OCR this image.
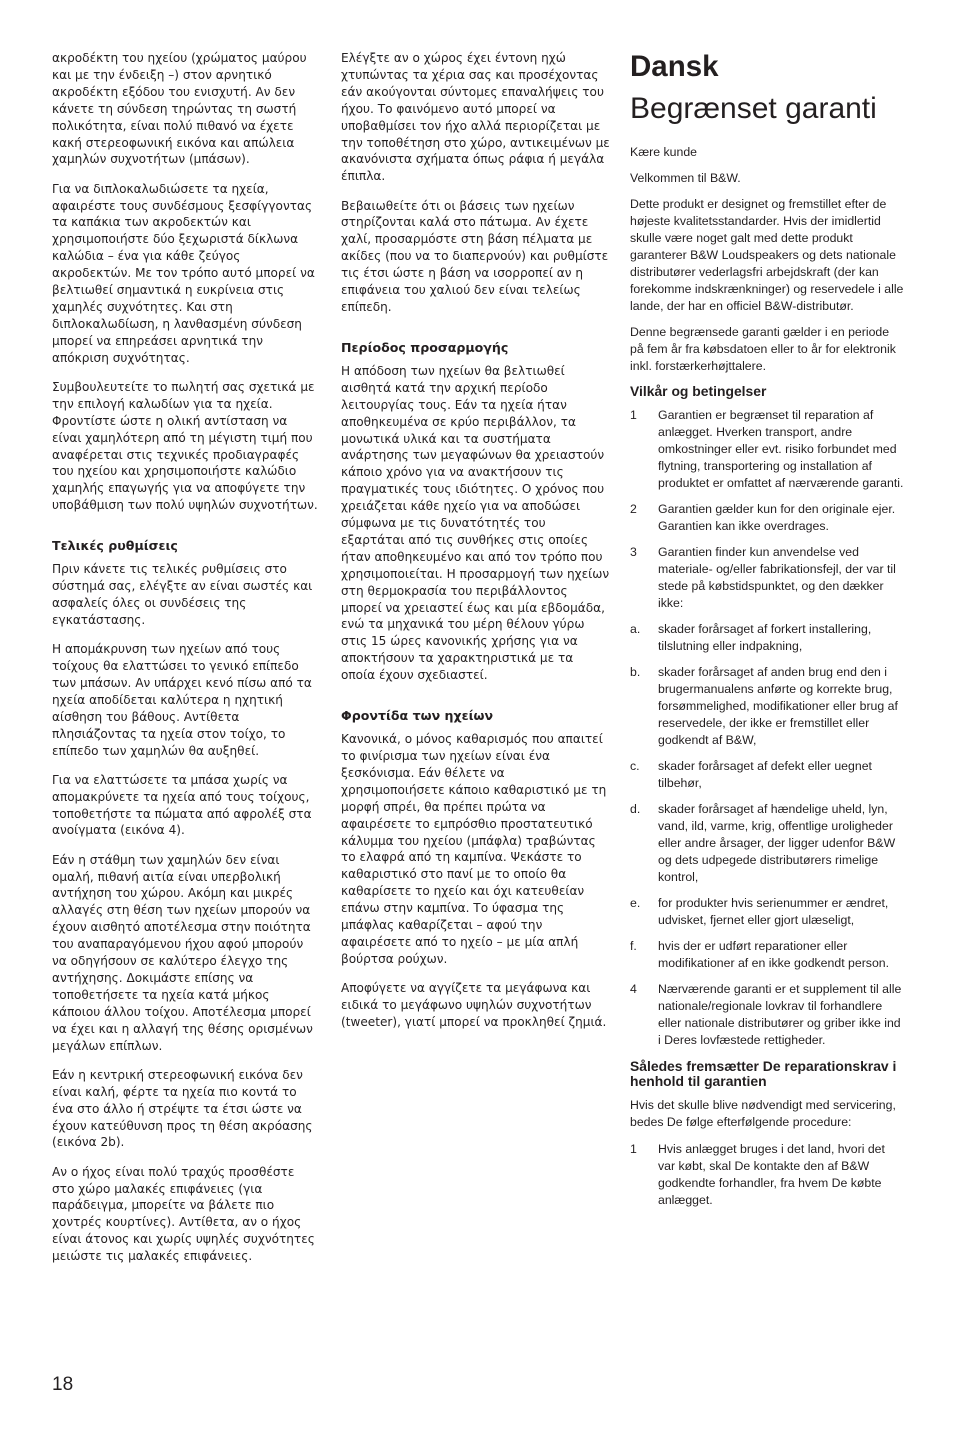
ακροδέκτη του ηχείου (χρώματος μαύρου και με την ένδειξη –) στον αρνητικό ακροδέκτη εξόδου του ενισχυτή. Αν δεν κάνετε τη σύνδεση τηρώντας τη σωστή πολικότητα, είναι πολύ πιθανό να έχετε κακή στερεοφωνική εικόνα και απώλεια χαμηλών συχνοτήτων (μπάσων).

Για να διπλοκαλωδιώσετε τα ηχεία, αφαιρέστε τους συνδέσμους ξεσφίγγοντας τα καπάκια των ακροδεκτών και χρησιμοποιήστε δύο ξεχωριστά δίκλωνα καλώδια – ένα για κάθε ζεύγος ακροδεκτών. Με τον τρόπο αυτό μπορεί να βελτιωθεί σημαντικά η ευκρίνεια στις χαμηλές συχνότητες. Και στη διπλοκαλωδίωση, η λανθασμένη σύνδεση μπορεί να επηρεάσει αρνητικά την απόκριση συχνότητας.

Συμβουλευτείτε το πωλητή σας σχετικά με την επιλογή καλωδίων για τα ηχεία. Φροντίστε ώστε η ολική αντίσταση να είναι χαμηλότερη από τη μέγιστη τιμή που αναφέρεται στις τεχνικές προδιαγραφές του ηχείου και χρησιμοποιήστε καλώδιο χαμηλής επαγωγής για να αποφύγετε την υποβάθμιση των πολύ υψηλών συχνοτήτων.

Τελικές ρυθμίσεις

Πριν κάνετε τις τελικές ρυθμίσεις στο σύστημά σας, ελέγξτε αν είναι σωστές και ασφαλείς όλες οι συνδέσεις της εγκατάστασης.

Η απομάκρυνση των ηχείων από τους τοίχους θα ελαττώσει το γενικό επίπεδο των μπάσων. Αν υπάρχει κενό πίσω από τα ηχεία αποδίδεται καλύτερα η ηχητική αίσθηση του βάθους. Αντίθετα πλησιάζοντας τα ηχεία στον τοίχο, το επίπεδο των χαμηλών θα αυξηθεί.

Για να ελαττώσετε τα μπάσα χωρίς να απομακρύνετε τα ηχεία από τους τοίχους, τοποθετήστε τα πώματα από αφρολέξ στα ανοίγματα (εικόνα 4).

Εάν η στάθμη των χαμηλών δεν είναι ομαλή, πιθανή αιτία είναι υπερβολική αντήχηση του χώρου. Ακόμη και μικρές αλλαγές στη θέση των ηχείων μπορούν να έχουν αισθητό αποτέλεσμα στην ποιότητα του αναπαραγόμενου ήχου αφού μπορούν να οδηγήσουν σε καλύτερο έλεγχο της αντήχησης. Δοκιμάστε επίσης να τοποθετήσετε τα ηχεία κατά μήκος κάποιου άλλου τοίχου. Αποτέλεσμα μπορεί να έχει και η αλλαγή της θέσης ορισμένων μεγάλων επίπλων.

Εάν η κεντρική στερεοφωνική εικόνα δεν είναι καλή, φέρτε τα ηχεία πιο κοντά το ένα στο άλλο ή στρέψτε τα έτσι ώστε να έχουν κατεύθυνση προς τη θέση ακρόασης (εικόνα 2b).

Αν ο ήχος είναι πολύ τραχύς προσθέστε στο χώρο μαλακές επιφάνειες (για παράδειγμα, μπορείτε να βάλετε πιο χοντρές κουρτίνες). Αντίθετα, αν ο ήχος είναι άτονος και χωρίς υψηλές συχνότητες μειώστε τις μαλακές επιφάνειες.

Ελέγξτε αν ο χώρος έχει έντονη ηχώ χτυπώντας τα χέρια σας και προσέχοντας εάν ακούγονται σύντομες επαναλήψεις του ήχου. Το φαινόμενο αυτό μπορεί να υποβαθμίσει τον ήχο αλλά περιορίζεται με την τοποθέτηση στο χώρο, αντικειμένων με ακανόνιστα σχήματα όπως ράφια ή μεγάλα έπιπλα.

Βεβαιωθείτε ότι οι βάσεις των ηχείων στηρίζονται καλά στο πάτωμα. Αν έχετε χαλί, προσαρμόστε στη βάση πέλματα με ακίδες (που να το διαπερνούν) και ρυθμίστε τις έτσι ώστε η βάση να ισορροπεί αν η επιφάνεια του χαλιού δεν είναι τελείως επίπεδη.

Περίοδος προσαρμογής

Η απόδοση των ηχείων θα βελτιωθεί αισθητά κατά την αρχική περίοδο λειτουργίας τους. Εάν τα ηχεία ήταν αποθηκευμένα σε κρύο περιβάλλον, τα μονωτικά υλικά και τα συστήματα ανάρτησης των μεγαφώνων θα χρειαστούν κάποιο χρόνο για να ανακτήσουν τις πραγματικές τους ιδιότητες. Ο χρόνος που χρειάζεται κάθε ηχείο για να αποδώσει σύμφωνα με τις δυνατότητές του εξαρτάται από τις συνθήκες στις οποίες ήταν αποθηκευμένο και από τον τρόπο που χρησιμοποιείται. Η προσαρμογή των ηχείων στη θερμοκρασία του περιβάλλοντος μπορεί να χρειαστεί έως και μία εβδομάδα, ενώ τα μηχανικά του μέρη θέλουν γύρω στις 15 ώρες κανονικής χρήσης για να αποκτήσουν τα χαρακτηριστικά με τα οποία έχουν σχεδιαστεί.

Φροντίδα των ηχείων

Κανονικά, ο μόνος καθαρισμός που απαιτεί το φινίρισμα των ηχείων είναι ένα ξεσκόνισμα. Εάν θέλετε να χρησιμοποιήσετε κάποιο καθαριστικό με τη μορφή σπρέι, θα πρέπει πρώτα να αφαιρέσετε το εμπρόσθιο προστατευτικό κάλυμμα του ηχείου (μπάφλα) τραβώντας το ελαφρά από τη καμπίνα. Ψεκάστε το καθαριστικό στο πανί με το οποίο θα καθαρίσετε το ηχείο και όχι κατευθείαν επάνω στην καμπίνα. Το ύφασμα της μπάφλας καθαρίζεται – αφού την αφαιρέσετε από το ηχείο – με μία απλή βούρτσα ρούχων.

Αποφύγετε να αγγίζετε τα μεγάφωνα και ειδικά το μεγάφωνο υψηλών συχνοτήτων (tweeter), γιατί μπορεί να προκληθεί ζημιά.

Dansk
Begrænset garanti

Kære kunde

Velkommen til B&W.

Dette produkt er designet og fremstillet efter de højeste kvalitetsstandarder. Hvis der imidlertid skulle være noget galt med dette produkt garanterer B&W Loudspeakers og dets nationale distributører vederlagsfri arbejdskraft (der kan forekomme indskrænkninger) og reservedele i alle lande, der har en officiel B&W-distributør.

Denne begrænsede garanti gælder i en periode på fem år fra købsdatoen eller to år for elektronik inkl. forstærkerhøjttalere.

Vilkår og betingelser
1	Garantien er begrænset til reparation af anlægget. Hverken transport, andre omkostninger eller evt. risiko forbundet med flytning, transportering og installation af produktet er omfattet af nærværende garanti.
2	Garantien gælder kun for den originale ejer. Garantien kan ikke overdrages.
3	Garantien finder kun anvendelse ved materiale- og/eller fabrikationsfejl, der var til stede på købstidspunktet, og den dækker ikke:
a.	skader forårsaget af forkert installering, tilslutning eller indpakning,
b.	skader forårsaget af anden brug end den i brugermanualens anførte og korrekte brug, forsømmelighed, modifikationer eller brug af reservedele, der ikke er fremstillet eller godkendt af B&W,
c.	skader forårsaget af defekt eller uegnet tilbehør,
d.	skader forårsaget af hændelige uheld, lyn, vand, ild, varme, krig, offentlige uroligheder eller andre årsager, der ligger udenfor B&W og dets udpegede distributørers rimelige kontrol,
e.	for produkter hvis serienummer er ændret, udvisket, fjernet eller gjort ulæseligt,
f.	hvis der er udført reparationer eller modifikationer af en ikke godkendt person.
4	Nærværende garanti er et supplement til alle nationale/regionale lovkrav til forhandlere eller nationale distributører og griber ikke ind i Deres lovfæstede rettigheder.
Således fremsætter De reparationskrav i henhold til garantien

Hvis det skulle blive nødvendigt med servicering, bedes De følge efterfølgende procedure:

1	Hvis anlægget bruges i det land, hvori det var købt, skal De kontakte den af B&W godkendte forhandler, fra hvem De købte anlægget.
18
